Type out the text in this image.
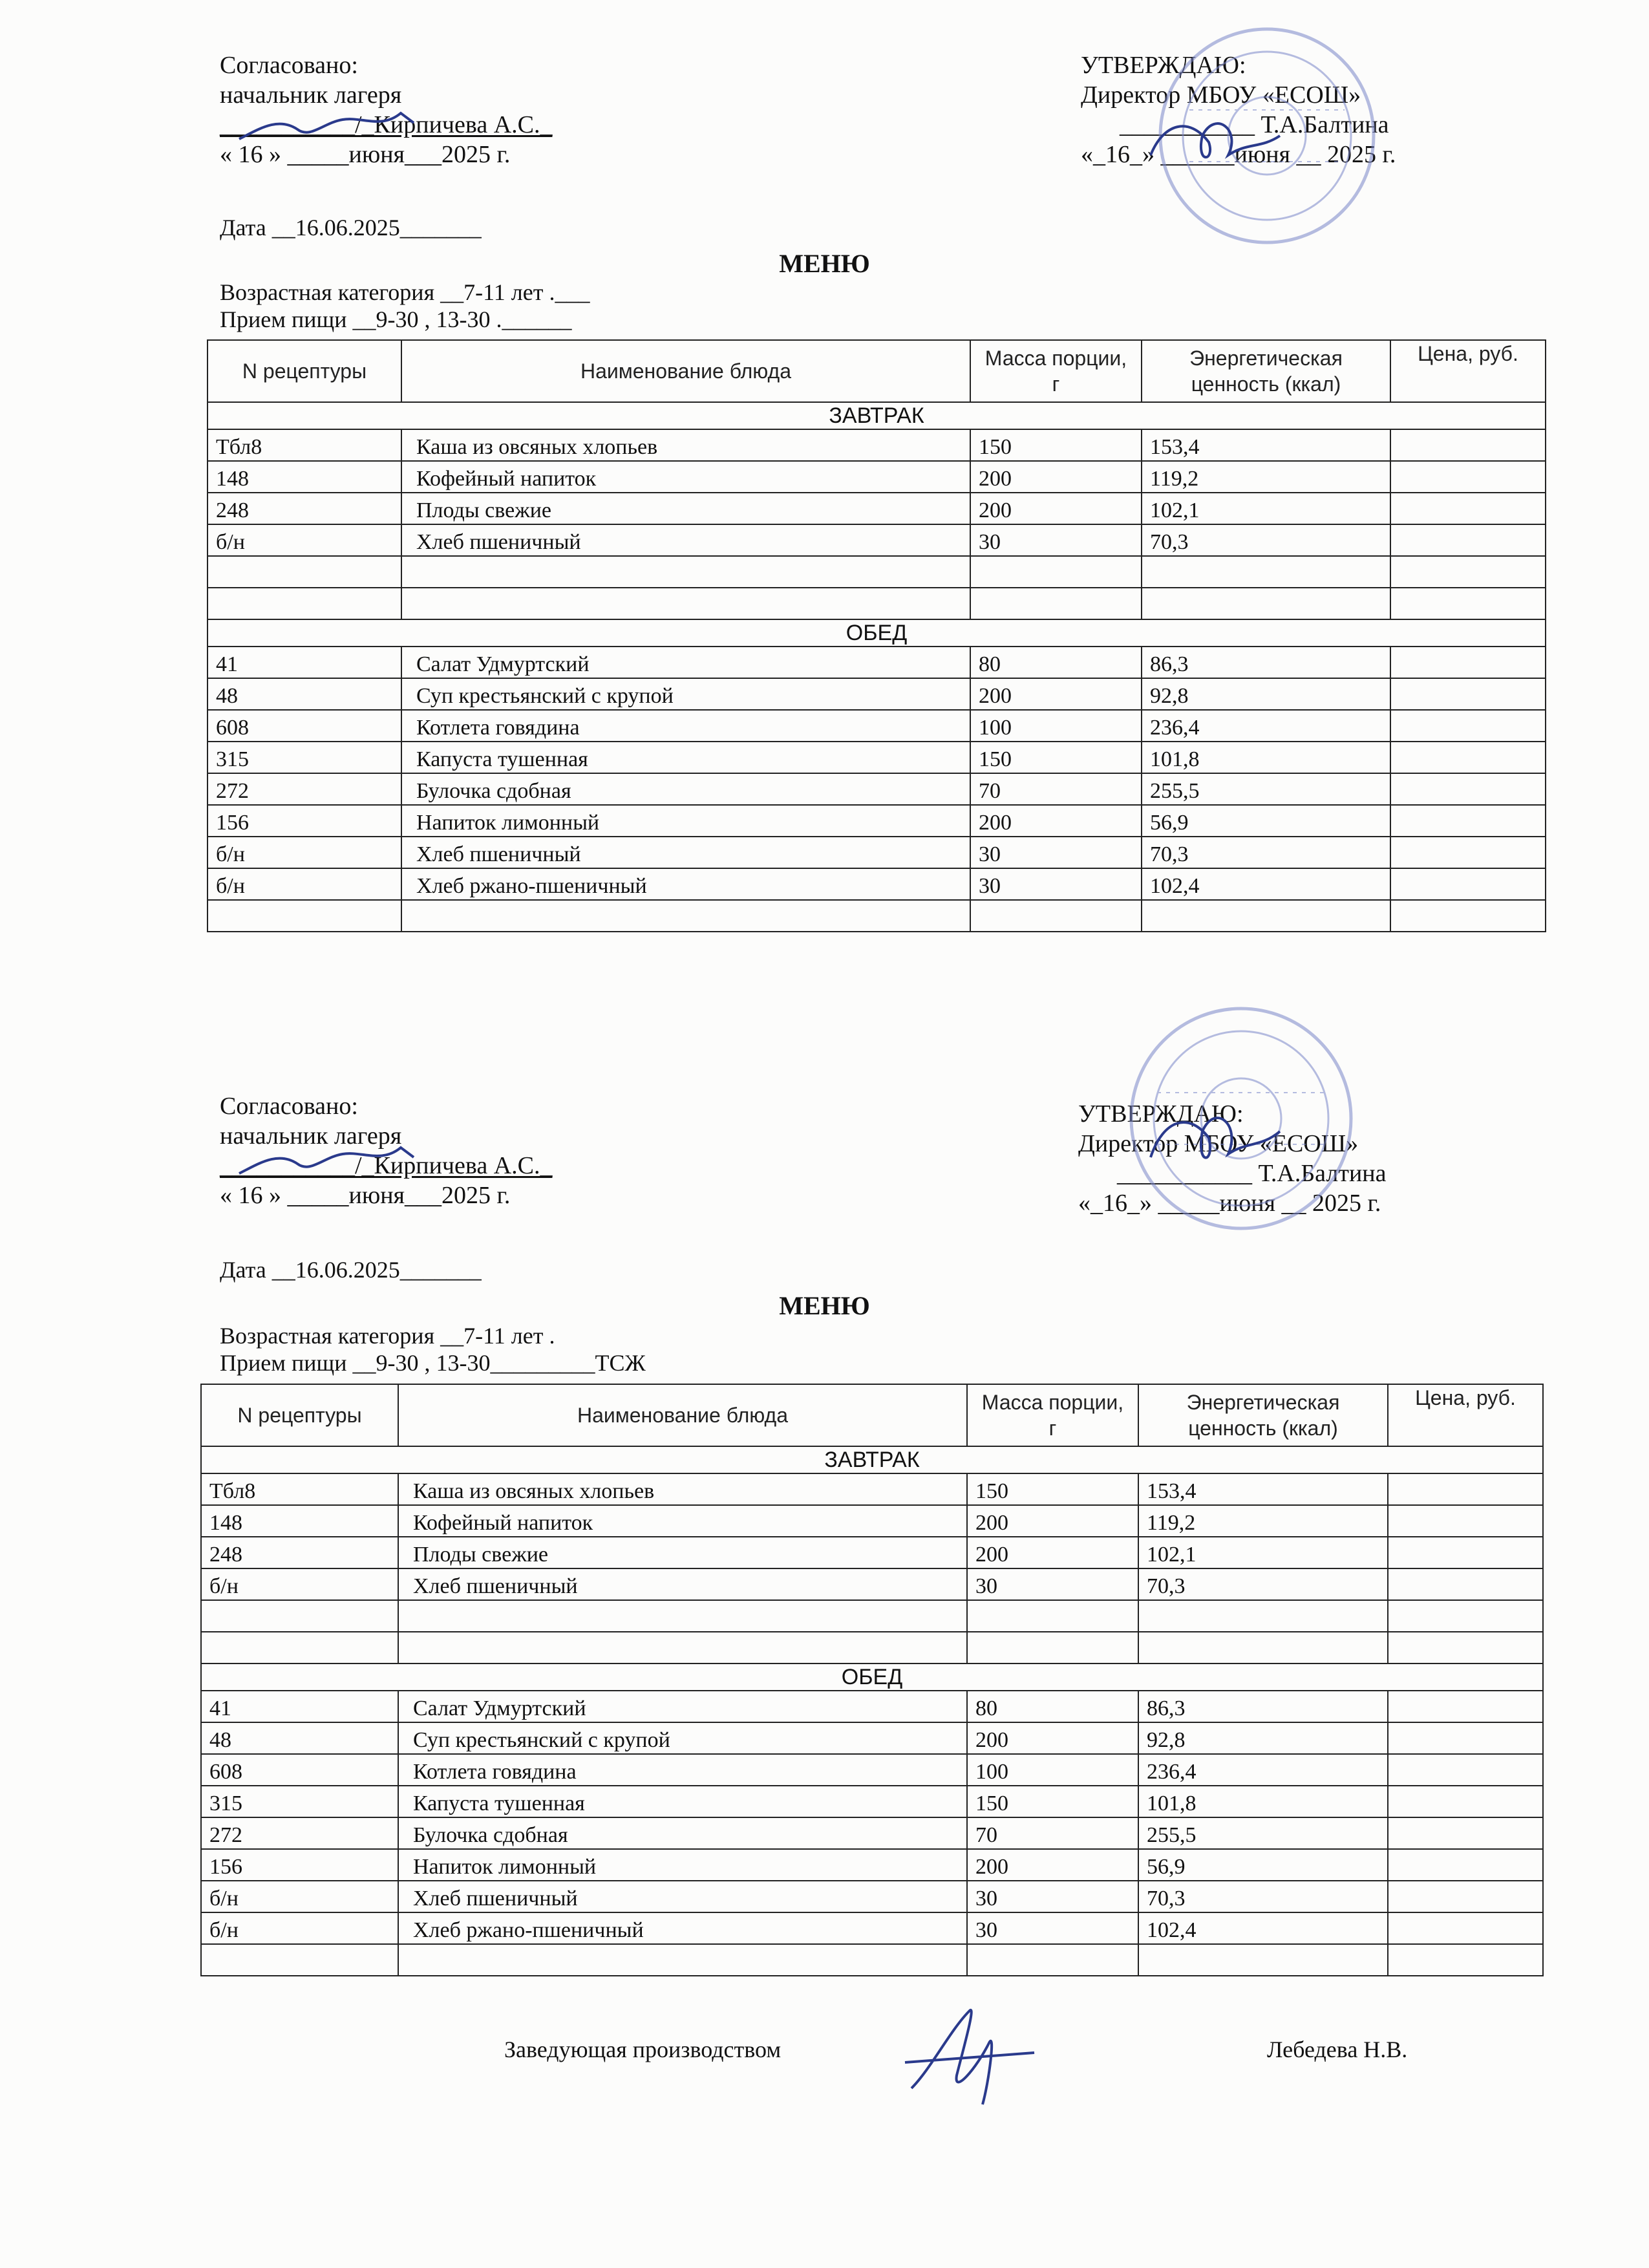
Согласовано:
начальник лагеря
___________/_Кирпичева А.С._
« 16 » _____июня___2025 г.
УТВЕРЖДАЮ:
Директор МБОУ «ЕСОШ»
___________ Т.А.Балтина
«_16_» ______июня __ 2025 г.
Дата __16.06.2025_______
МЕНЮ
Возрастная категория __7-11 лет .___
Прием пищи __9-30 , 13-30 .______
N рецептуры	Наименование блюда	Масса порции, г	Энергетическая ценность (ккал)	Цена, руб.
ЗАВТРАК				
Тбл8	Каша из овсяных хлопьев	150	153,4	
148	Кофейный напиток	200	119,2	
248	Плоды свежие	200	102,1	
б/н	Хлеб пшеничный	30	70,3	

ОБЕД				
41	Салат Удмуртский	80	86,3	
48	Суп крестьянский с крупой	200	92,8	
608	Котлета говядина	100	236,4	
315	Капуста тушенная	150	101,8	
272	Булочка сдобная	70	255,5	
156	Напиток лимонный	200	56,9	
б/н	Хлеб пшеничный	30	70,3	
б/н	Хлеб ржано-пшеничный	30	102,4	

Согласовано:
начальник лагеря
___________/_Кирпичева А.С._
« 16 » _____июня___2025 г.
УТВЕРЖДАЮ:
Директор МБОУ «ЕСОШ»
___________ Т.А.Балтина
«_16_» _____июня __ 2025 г.
Дата __16.06.2025_______
МЕНЮ
Возрастная категория __7-11 лет .
Прием пищи __9-30 , 13-30_________ТСЖ
N рецептуры	Наименование блюда	Масса порции, г	Энергетическая ценность (ккал)	Цена, руб.
ЗАВТРАК				
Тбл8	Каша из овсяных хлопьев	150	153,4	
148	Кофейный напиток	200	119,2	
248	Плоды свежие	200	102,1	
б/н	Хлеб пшеничный	30	70,3	

ОБЕД				
41	Салат Удмуртский	80	86,3	
48	Суп крестьянский с крупой	200	92,8	
608	Котлета говядина	100	236,4	
315	Капуста тушенная	150	101,8	
272	Булочка сдобная	70	255,5	
156	Напиток лимонный	200	56,9	
б/н	Хлеб пшеничный	30	70,3	
б/н	Хлеб ржано-пшеничный	30	102,4	

Заведующая производством	Лебедева Н.В.
